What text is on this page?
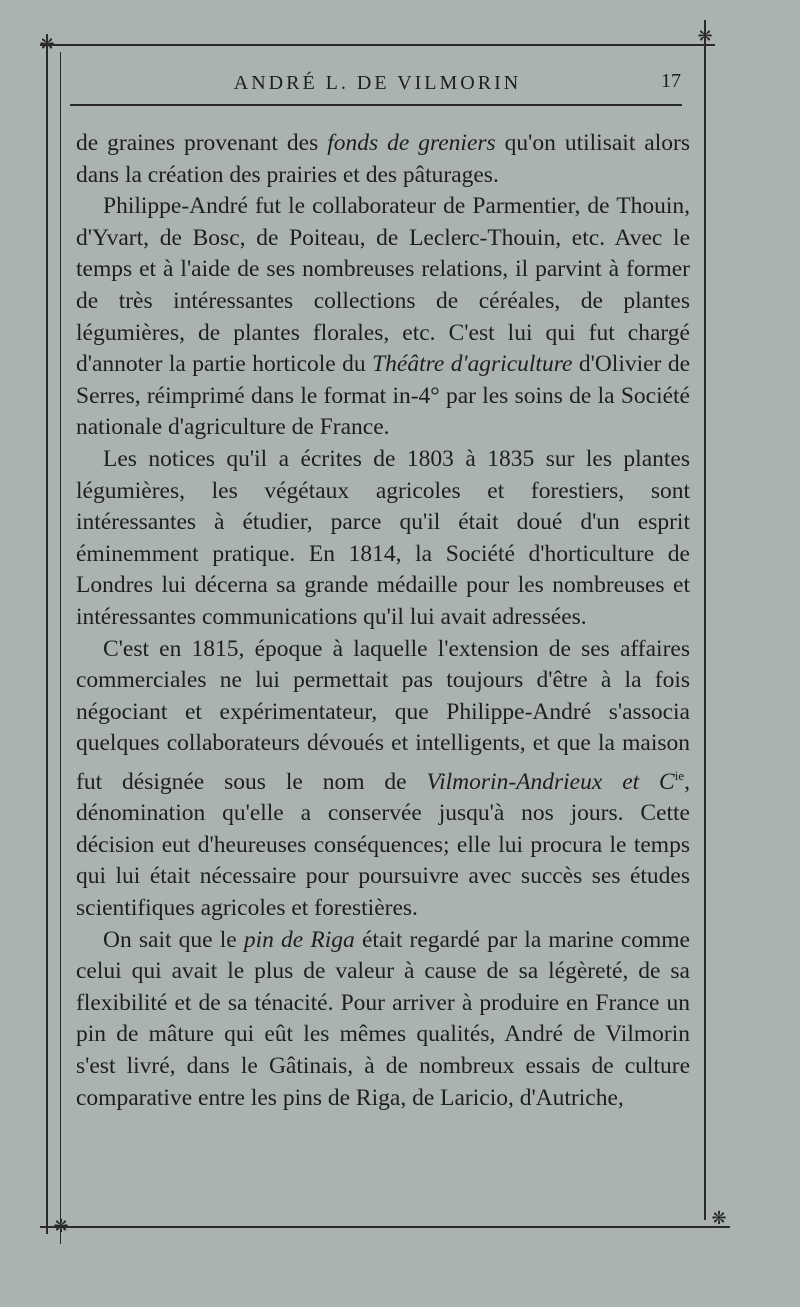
❋	❋
❋	❋
ANDRÉ L. DE VILMORIN	17

de graines provenant des fonds de greniers qu'on utilisait alors dans la création des prairies et des pâturages.

Philippe-André fut le collaborateur de Parmentier, de Thouin, d'Yvart, de Bosc, de Poiteau, de Leclerc-Thouin, etc. Avec le temps et à l'aide de ses nombreuses relations, il parvint à former de très intéressantes collections de céréales, de plantes légumières, de plantes florales, etc. C'est lui qui fut chargé d'annoter la partie horticole du Théâtre d'agriculture d'Olivier de Serres, réimprimé dans le format in-4° par les soins de la Société nationale d'agriculture de France.

Les notices qu'il a écrites de 1803 à 1835 sur les plantes légumières, les végétaux agricoles et forestiers, sont intéressantes à étudier, parce qu'il était doué d'un esprit éminemment pratique. En 1814, la Société d'horticulture de Londres lui décerna sa grande médaille pour les nombreuses et intéressantes communications qu'il lui avait adressées.

C'est en 1815, époque à laquelle l'extension de ses affaires commerciales ne lui permettait pas toujours d'être à la fois négociant et expérimentateur, que Philippe-André s'associa quelques collaborateurs dévoués et intelligents, et que la maison fut désignée sous le nom de Vilmorin-Andrieux et $C^{ie}$, dénomination qu'elle a conservée jusqu'à nos jours. Cette décision eut d'heureuses conséquences; elle lui procura le temps qui lui était nécessaire pour poursuivre avec succès ses études scientifiques agricoles et forestières.

On sait que le pin de Riga était regardé par la marine comme celui qui avait le plus de valeur à cause de sa légèreté, de sa flexibilité et de sa ténacité. Pour arriver à produire en France un pin de mâture qui eût les mêmes qualités, André de Vilmorin s'est livré, dans le Gâtinais, à de nombreux essais de culture comparative entre les pins de Riga, de Laricio, d'Autriche,
